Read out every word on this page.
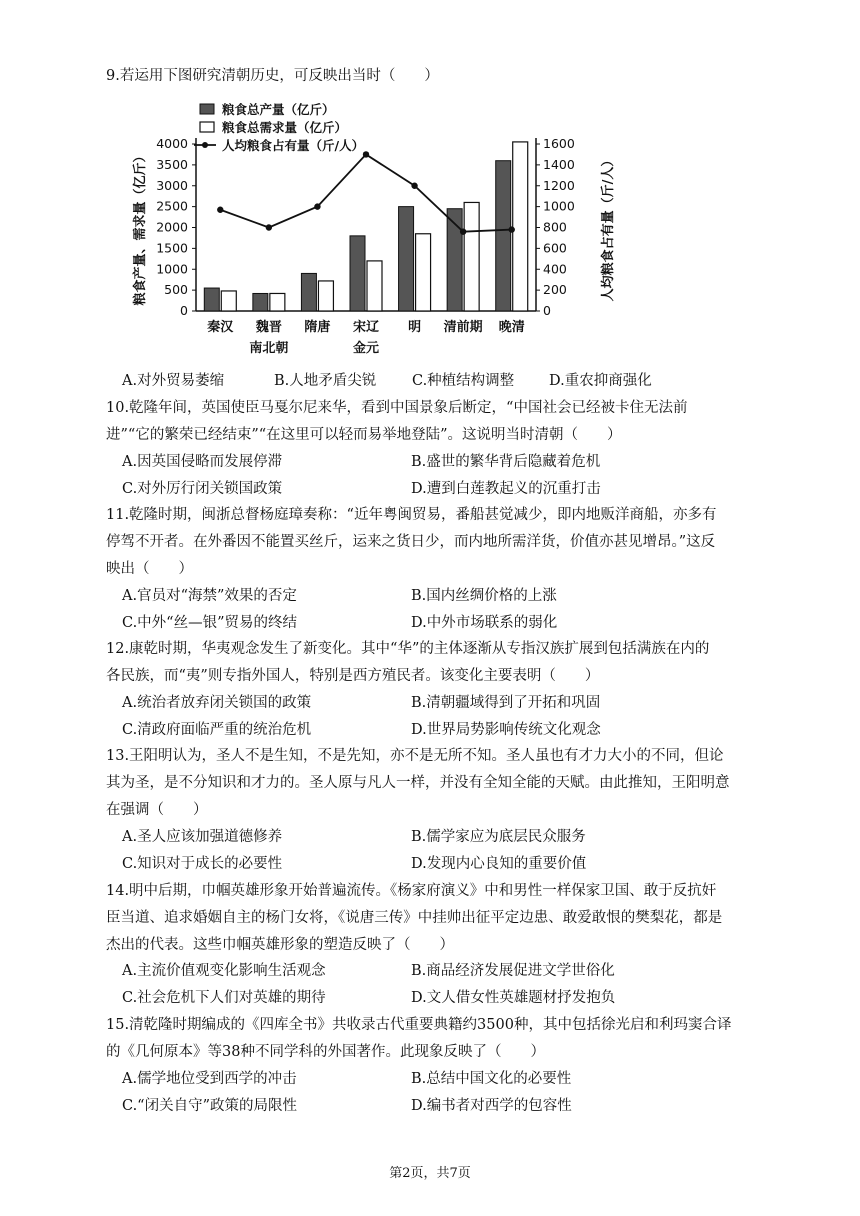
9.若运用下图研究清朝历史，可反映出当时（　　）
0
500
1000
1500
2000
2500
3000
3500
4000
0
200
400
600
800
1000
1200
1400
1600
粮食产量、需求量（亿斤）	人均粮食占有量（斤/人）
秦汉 魏晋
南北朝
隋唐 宋辽
金元
明 清前期 晚清
粮食总产量（亿斤）
粮食总需求量（亿斤）
人均粮食占有量（斤/人）
A.对外贸易萎缩	B.人地矛盾尖锐 C.种植结构调整 D.重农抑商强化
10.乾隆年间，英国使臣马戛尔尼来华，看到中国景象后断定，“中国社会已经被卡住无法前
进”“它的繁荣已经结束”“在这里可以轻而易举地登陆”。这说明当时清朝（　　）
A.因英国侵略而发展停滞	B.盛世的繁华背后隐藏着危机
C.对外厉行闭关锁国政策	D.遭到白莲教起义的沉重打击
11.乾隆时期，闽浙总督杨庭璋奏称：“近年粤闽贸易，番船甚觉减少，即内地贩洋商船，亦多有
停驾不开者。在外番因不能置买丝斤，运来之货日少，而内地所需洋货，价值亦甚见增昂。”这反
映出（　　）
A.官员对“海禁”效果的否定	B.国内丝绸价格的上涨
C.中外“丝—银”贸易的终结	D.中外市场联系的弱化
12.康乾时期，华夷观念发生了新变化。其中“华”的主体逐渐从专指汉族扩展到包括满族在内的
各民族，而“夷”则专指外国人，特别是西方殖民者。该变化主要表明（　　）
A.统治者放弃闭关锁国的政策	B.清朝疆域得到了开拓和巩固
C.清政府面临严重的统治危机	D.世界局势影响传统文化观念
13.王阳明认为，圣人不是生知，不是先知，亦不是无所不知。圣人虽也有才力大小的不同，但论
其为圣，是不分知识和才力的。圣人原与凡人一样，并没有全知全能的天赋。由此推知，王阳明意
在强调（　　）
A.圣人应该加强道德修养	B.儒学家应为底层民众服务
C.知识对于成长的必要性	D.发现内心良知的重要价值
14.明中后期，巾帼英雄形象开始普遍流传。《杨家府演义》中和男性一样保家卫国、敢于反抗奸
臣当道、追求婚姻自主的杨门女将，《说唐三传》中挂帅出征平定边患、敢爱敢恨的樊梨花，都是
杰出的代表。这些巾帼英雄形象的塑造反映了（　　）
A.主流价值观变化影响生活观念	B.商品经济发展促进文学世俗化
C.社会危机下人们对英雄的期待	D.文人借女性英雄题材抒发抱负
15.清乾隆时期编成的《四库全书》共收录古代重要典籍约3500种，其中包括徐光启和利玛窦合译
的《几何原本》等38种不同学科的外国著作。此现象反映了（　　）
A.儒学地位受到西学的冲击	B.总结中国文化的必要性
C.“闭关自守”政策的局限性	D.编书者对西学的包容性
第2页，共7页
